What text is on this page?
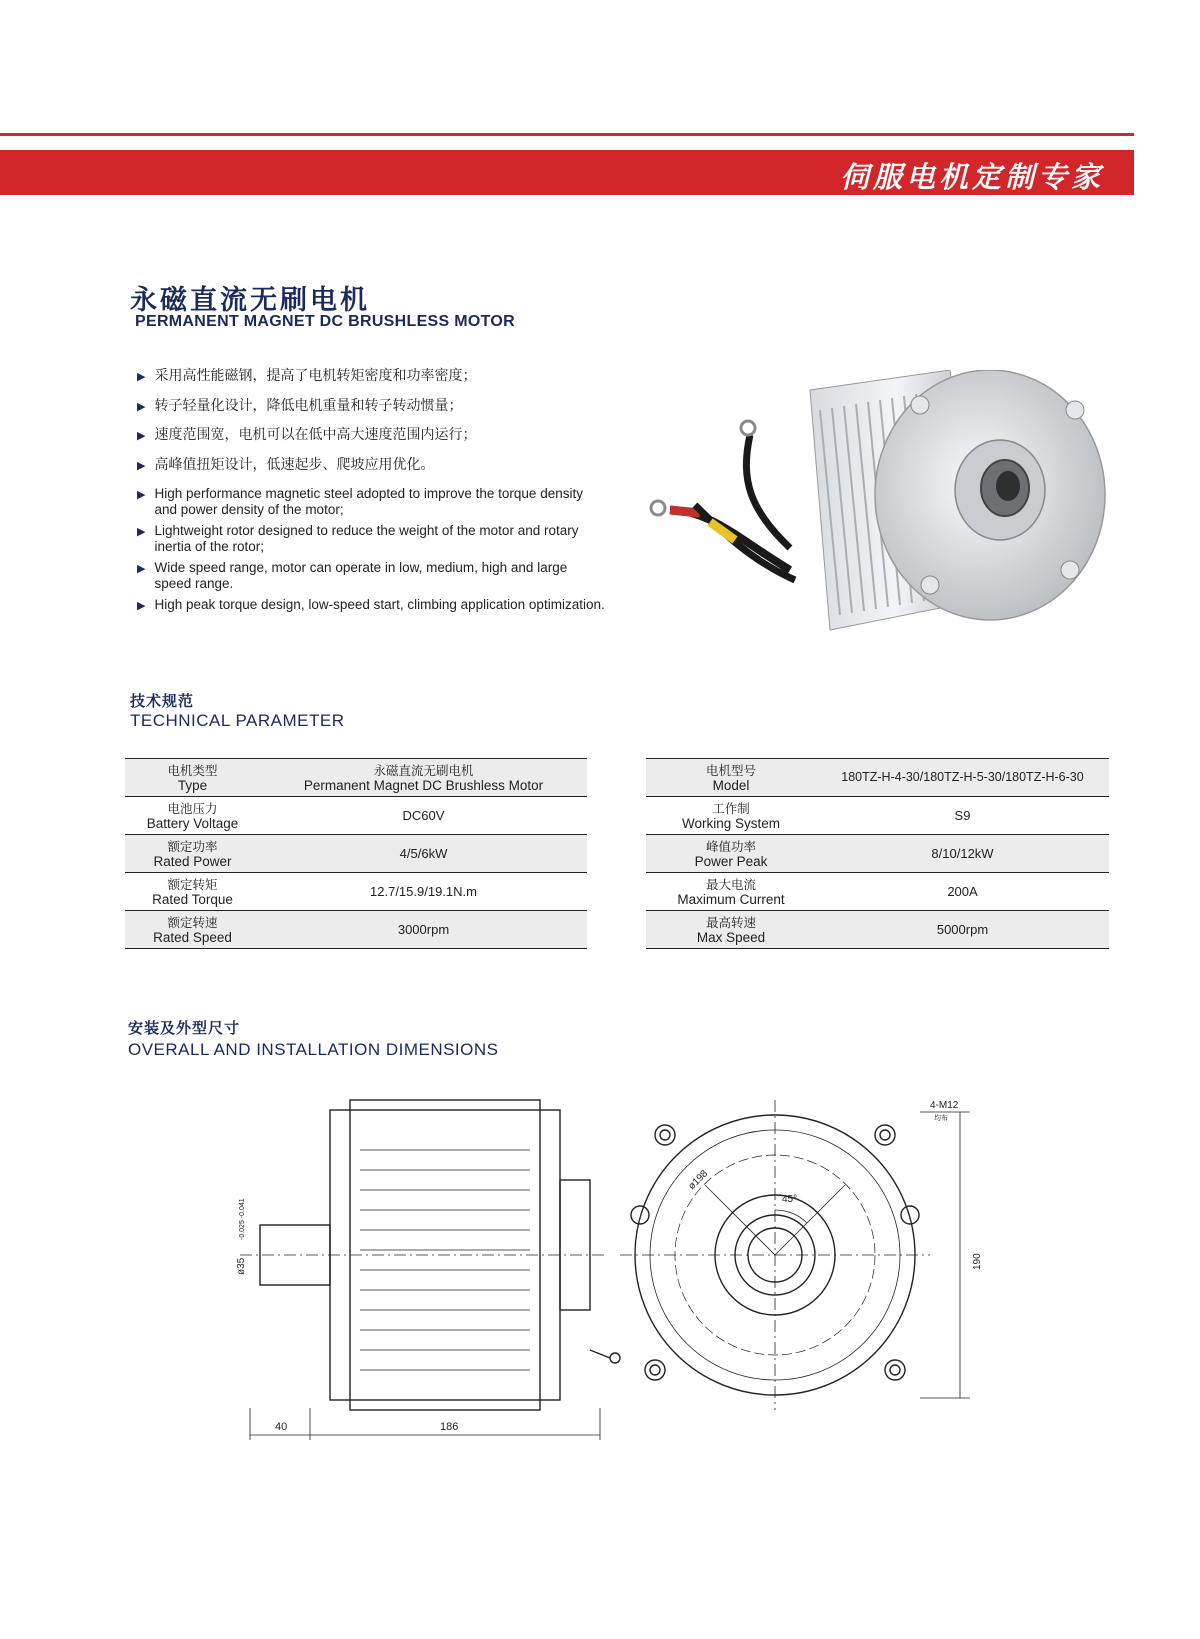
伺服电机定制专家
永磁直流无刷电机
PERMANENT MAGNET DC BRUSHLESS MOTOR
▶ 采用高性能磁钢，提高了电机转矩密度和功率密度；
▶ 转子轻量化设计，降低电机重量和转子转动惯量；
▶ 速度范围宽，电机可以在低中高大速度范围内运行；
▶ 高峰值扭矩设计，低速起步、爬坡应用优化。
▶ High performance magnetic steel adopted to improve the torque density and power density of the motor;
▶ Lightweight rotor designed to reduce the weight of the motor and rotary inertia of the rotor;
▶ Wide speed range, motor can operate in low, medium, high and large speed range.
▶ High peak torque design, low-speed start, climbing application optimization.
技术规范
TECHNICAL PARAMETER
电机类型
Type	永磁直流无刷电机
Permanent Magnet DC Brushless Motor

电池压力
Battery Voltage	DC60V

额定功率
Rated Power	4/5/6kW

额定转矩
Rated Torque	12.7/15.9/19.1N.m

额定转速
Rated Speed	3000rpm
电机型号
Model	180TZ-H-4-30/180TZ-H-5-30/180TZ-H-6-30

工作制
Working System	S9

峰值功率
Power Peak	8/10/12kW

最大电流
Maximum Current	200A

最高转速
Max Speed	5000rpm
安装及外型尺寸
OVERALL AND INSTALLATION DIMENSIONS
40	186
ø35
-0.025 -0.041
ø198
45°
4-M12
均布
190
